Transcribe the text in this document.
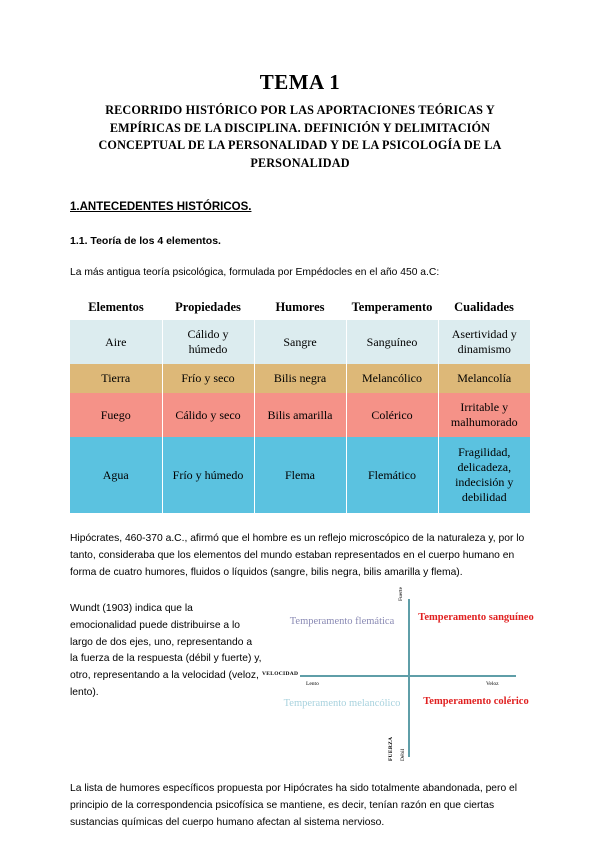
TEMA 1
RECORRIDO HISTÓRICO POR LAS APORTACIONES TEÓRICAS Y EMPÍRICAS DE LA DISCIPLINA. DEFINICIÓN Y DELIMITACIÓN CONCEPTUAL DE LA PERSONALIDAD Y DE LA PSICOLOGÍA DE LA PERSONALIDAD
1.ANTECEDENTES HISTÓRICOS.
1.1. Teoría de los 4 elementos.

La más antigua teoría psicológica, formulada por Empédocles en el año 450 a.C:

Elementos	Propiedades	Humores	Temperamento	Cualidades
Aire	Cálido y húmedo	Sangre	Sanguíneo	Asertividad y dinamismo
Tierra	Frío y seco	Bilis negra	Melancólico	Melancolía
Fuego	Cálido y seco	Bilis amarilla	Colérico	Irritable y malhumorado
Agua	Frío y húmedo	Flema	Flemático	Fragilidad, delicadeza, indecisión y debilidad

Hipócrates, 460-370 a.C., afirmó que el hombre es un reflejo microscópico de la naturaleza y, por lo tanto, consideraba que los elementos del mundo estaban representados en el cuerpo humano en forma de cuatro humores, fluidos o líquidos (sangre, bilis negra, bilis amarilla y flema).

Wundt (1903) indica que la emocionalidad puede distribuirse a lo largo de dos ejes, uno, representando a la fuerza de la respuesta (débil y fuerte) y, otro, representando a la velocidad (veloz, lento).
Temperamento flemática	Temperamento sanguíneo
Temperamento melancólico	Temperamento colérico
VELOCIDAD
Lento	Veloz
Fuerte
FUERZA Débil

La lista de humores específicos propuesta por Hipócrates ha sido totalmente abandonada, pero el principio de la correspondencia psicofísica se mantiene, es decir, tenían razón en que ciertas sustancias químicas del cuerpo humano afectan al sistema nervioso.
